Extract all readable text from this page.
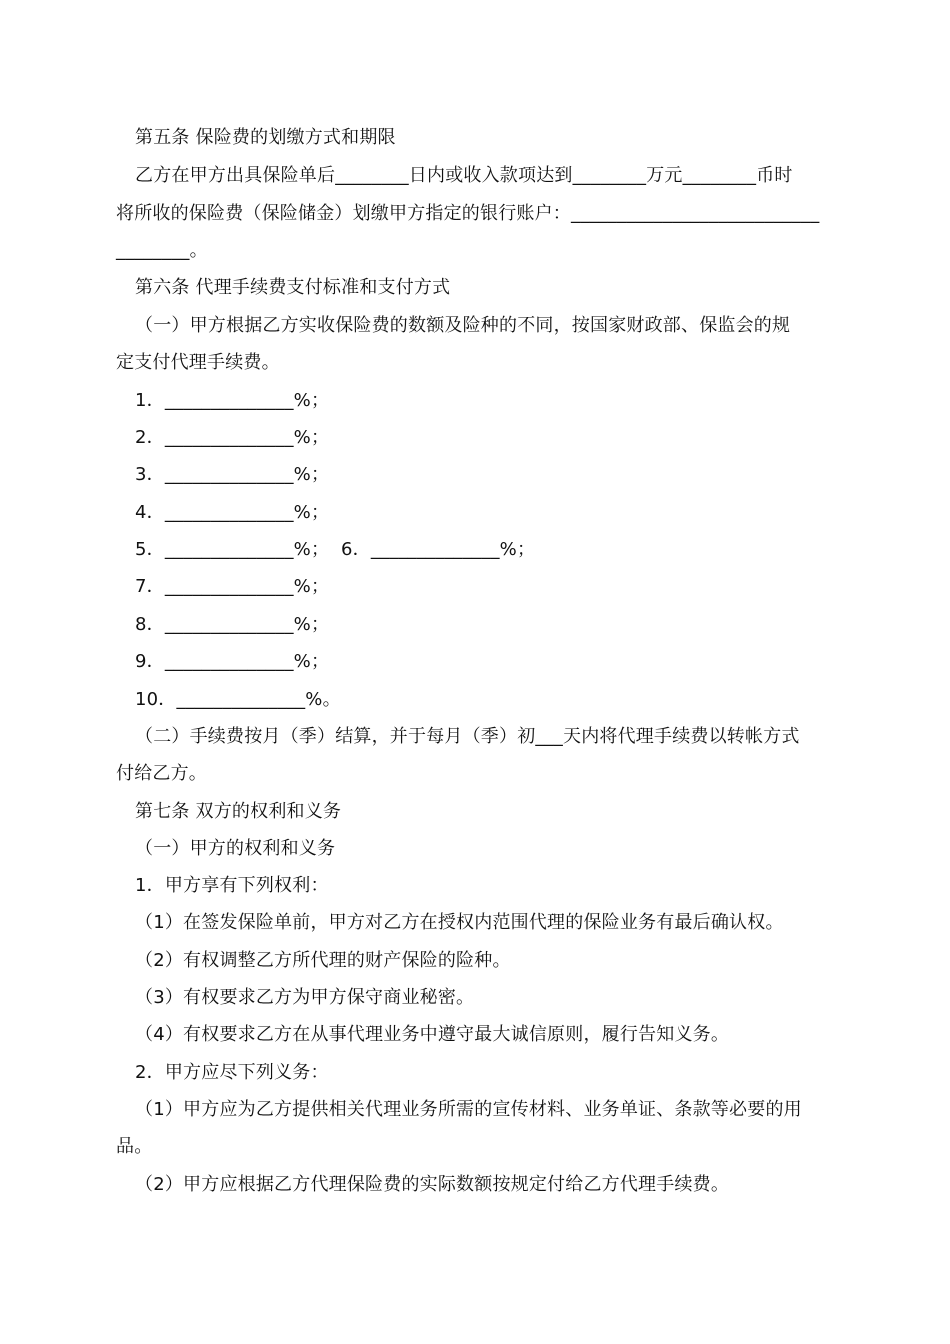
第五条 保险费的划缴方式和期限
乙方在甲方出具保险单后________日内或收入款项达到________万元________币时
将所收的保险费（保险储金）划缴甲方指定的银行账户：___________________________
________。
第六条 代理手续费支付标准和支付方式
（一）甲方根据乙方实收保险费的数额及险种的不同，按国家财政部、保监会的规
定支付代理手续费。
1．______________%；
2．______________%；
3．______________%；
4．______________%；
5．______________%；  6．______________%；
7．______________%；
8．______________%；
9．______________%；
10．______________%。
（二）手续费按月（季）结算，并于每月（季）初___天内将代理手续费以转帐方式
付给乙方。
第七条 双方的权利和义务
（一）甲方的权利和义务
1．甲方享有下列权利：
（1）在签发保险单前，甲方对乙方在授权内范围代理的保险业务有最后确认权。
（2）有权调整乙方所代理的财产保险的险种。
（3）有权要求乙方为甲方保守商业秘密。
（4）有权要求乙方在从事代理业务中遵守最大诚信原则，履行告知义务。
2．甲方应尽下列义务：
（1）甲方应为乙方提供相关代理业务所需的宣传材料、业务单证、条款等必要的用
品。
（2）甲方应根据乙方代理保险费的实际数额按规定付给乙方代理手续费。
